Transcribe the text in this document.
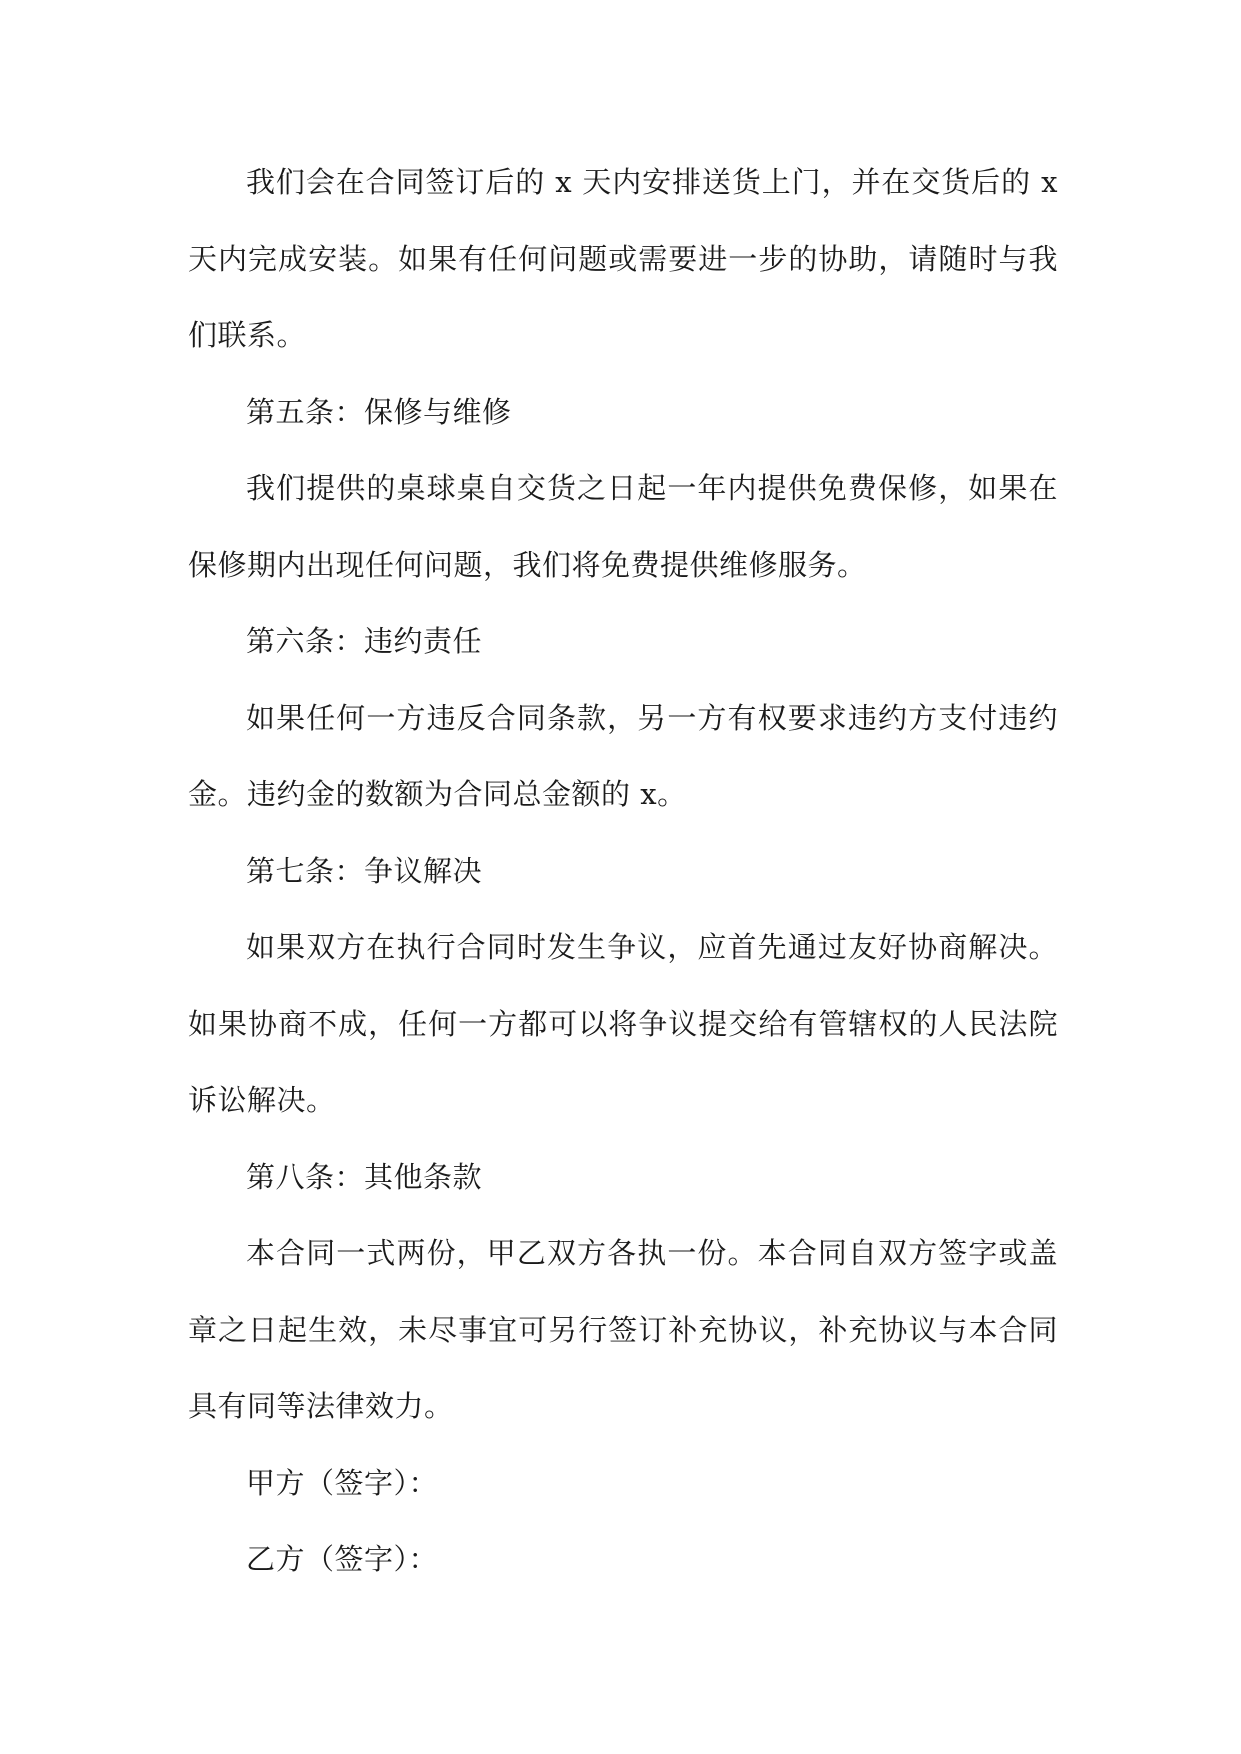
我们会在合同签订后的 x 天内安排送货上门，并在交货后的 x 天内完成安装。如果有任何问题或需要进一步的协助，请随时与我们联系。

第五条：保修与维修

我们提供的桌球桌自交货之日起一年内提供免费保修，如果在保修期内出现任何问题，我们将免费提供维修服务。

第六条：违约责任

如果任何一方违反合同条款，另一方有权要求违约方支付违约金。违约金的数额为合同总金额的 x。

第七条：争议解决

如果双方在执行合同时发生争议，应首先通过友好协商解决。如果协商不成，任何一方都可以将争议提交给有管辖权的人民法院诉讼解决。

第八条：其他条款

本合同一式两份，甲乙双方各执一份。本合同自双方签字或盖章之日起生效，未尽事宜可另行签订补充协议，补充协议与本合同具有同等法律效力。

甲方（签字）：

乙方（签字）：
